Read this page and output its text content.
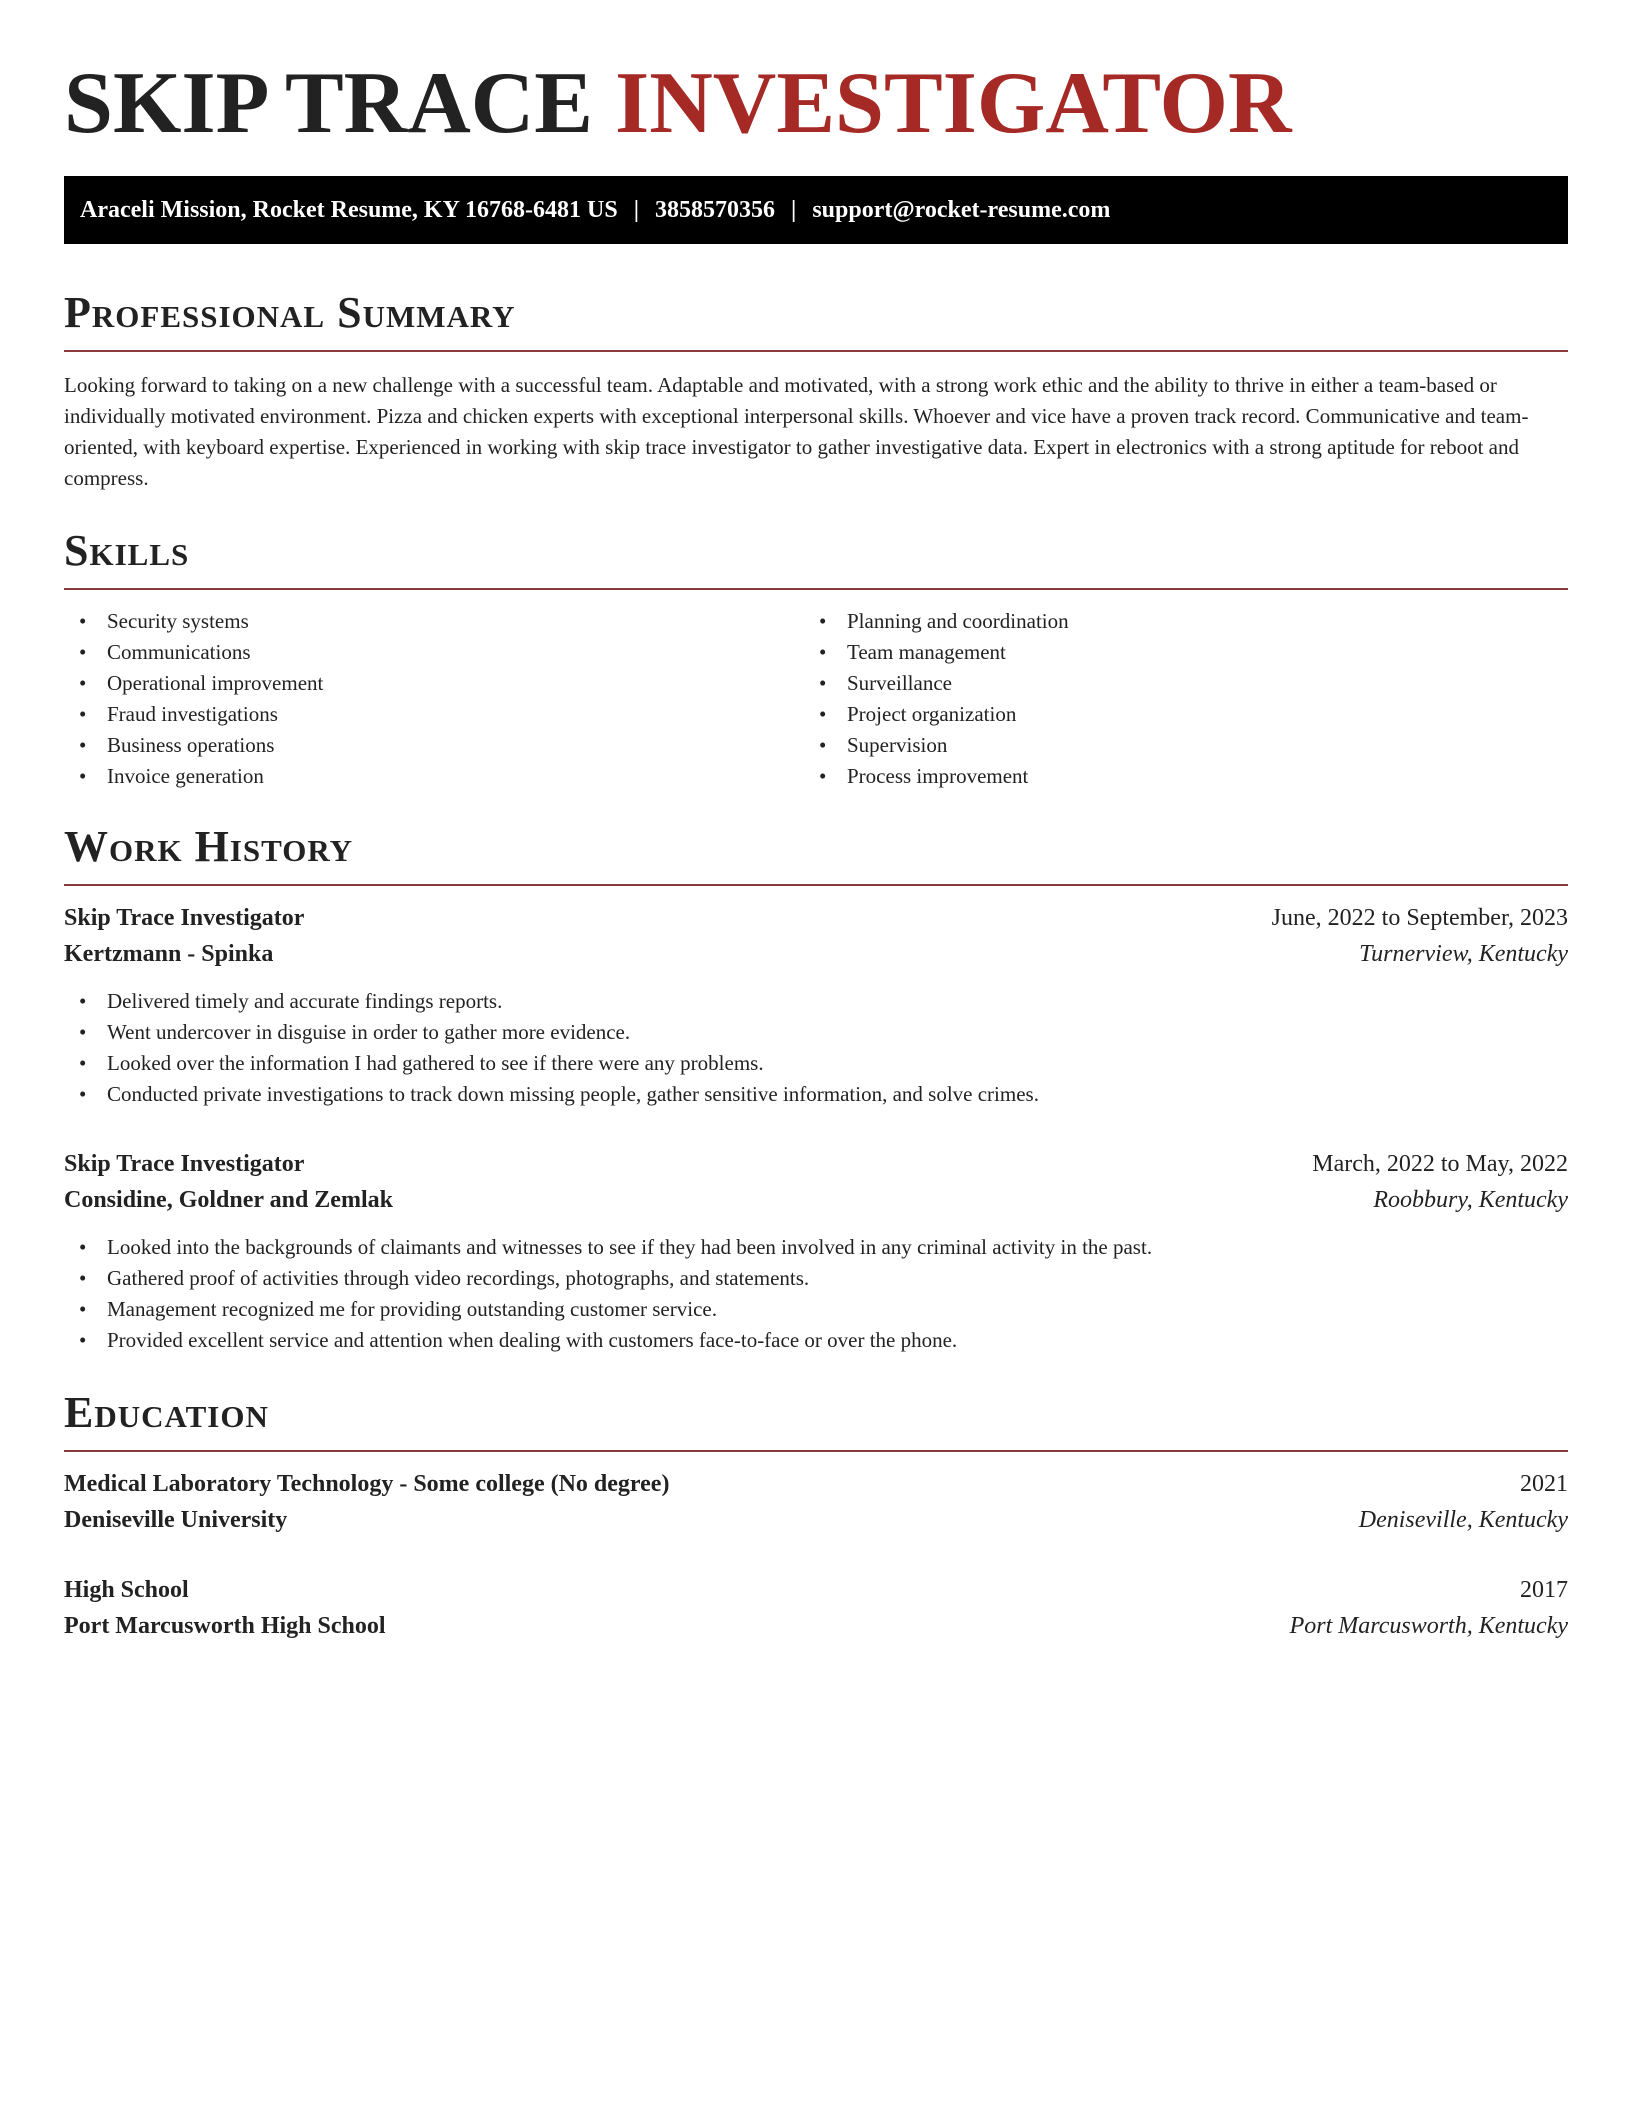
SKIP TRACE INVESTIGATOR
Araceli Mission, Rocket Resume, KY 16768-6481 US | 3858570356 | support@rocket-resume.com
Professional Summary

Looking forward to taking on a new challenge with a successful team. Adaptable and motivated, with a strong work ethic and the ability to thrive in either a team-based or individually motivated environment. Pizza and chicken experts with exceptional interpersonal skills. Whoever and vice have a proven track record. Communicative and team-oriented, with keyboard expertise. Experienced in working with skip trace investigator to gather investigative data. Expert in electronics with a strong aptitude for reboot and compress.

Skills
• Security systems
• Communications
• Operational improvement
• Fraud investigations
• Business operations
• Invoice generation
• Planning and coordination
• Team management
• Surveillance
• Project organization
• Supervision
• Process improvement
Work History
Skip Trace Investigator	June, 2022 to September, 2023
Kertzmann - Spinka	Turnerview, Kentucky
• Delivered timely and accurate findings reports.
• Went undercover in disguise in order to gather more evidence.
• Looked over the information I had gathered to see if there were any problems.
• Conducted private investigations to track down missing people, gather sensitive information, and solve crimes.
Skip Trace Investigator	March, 2022 to May, 2022
Considine, Goldner and Zemlak	Roobbury, Kentucky
• Looked into the backgrounds of claimants and witnesses to see if they had been involved in any criminal activity in the past.
• Gathered proof of activities through video recordings, photographs, and statements.
• Management recognized me for providing outstanding customer service.
• Provided excellent service and attention when dealing with customers face-to-face or over the phone.
Education
Medical Laboratory Technology - Some college (No degree)	2021
Deniseville University	Deniseville, Kentucky
High School	2017
Port Marcusworth High School	Port Marcusworth, Kentucky
